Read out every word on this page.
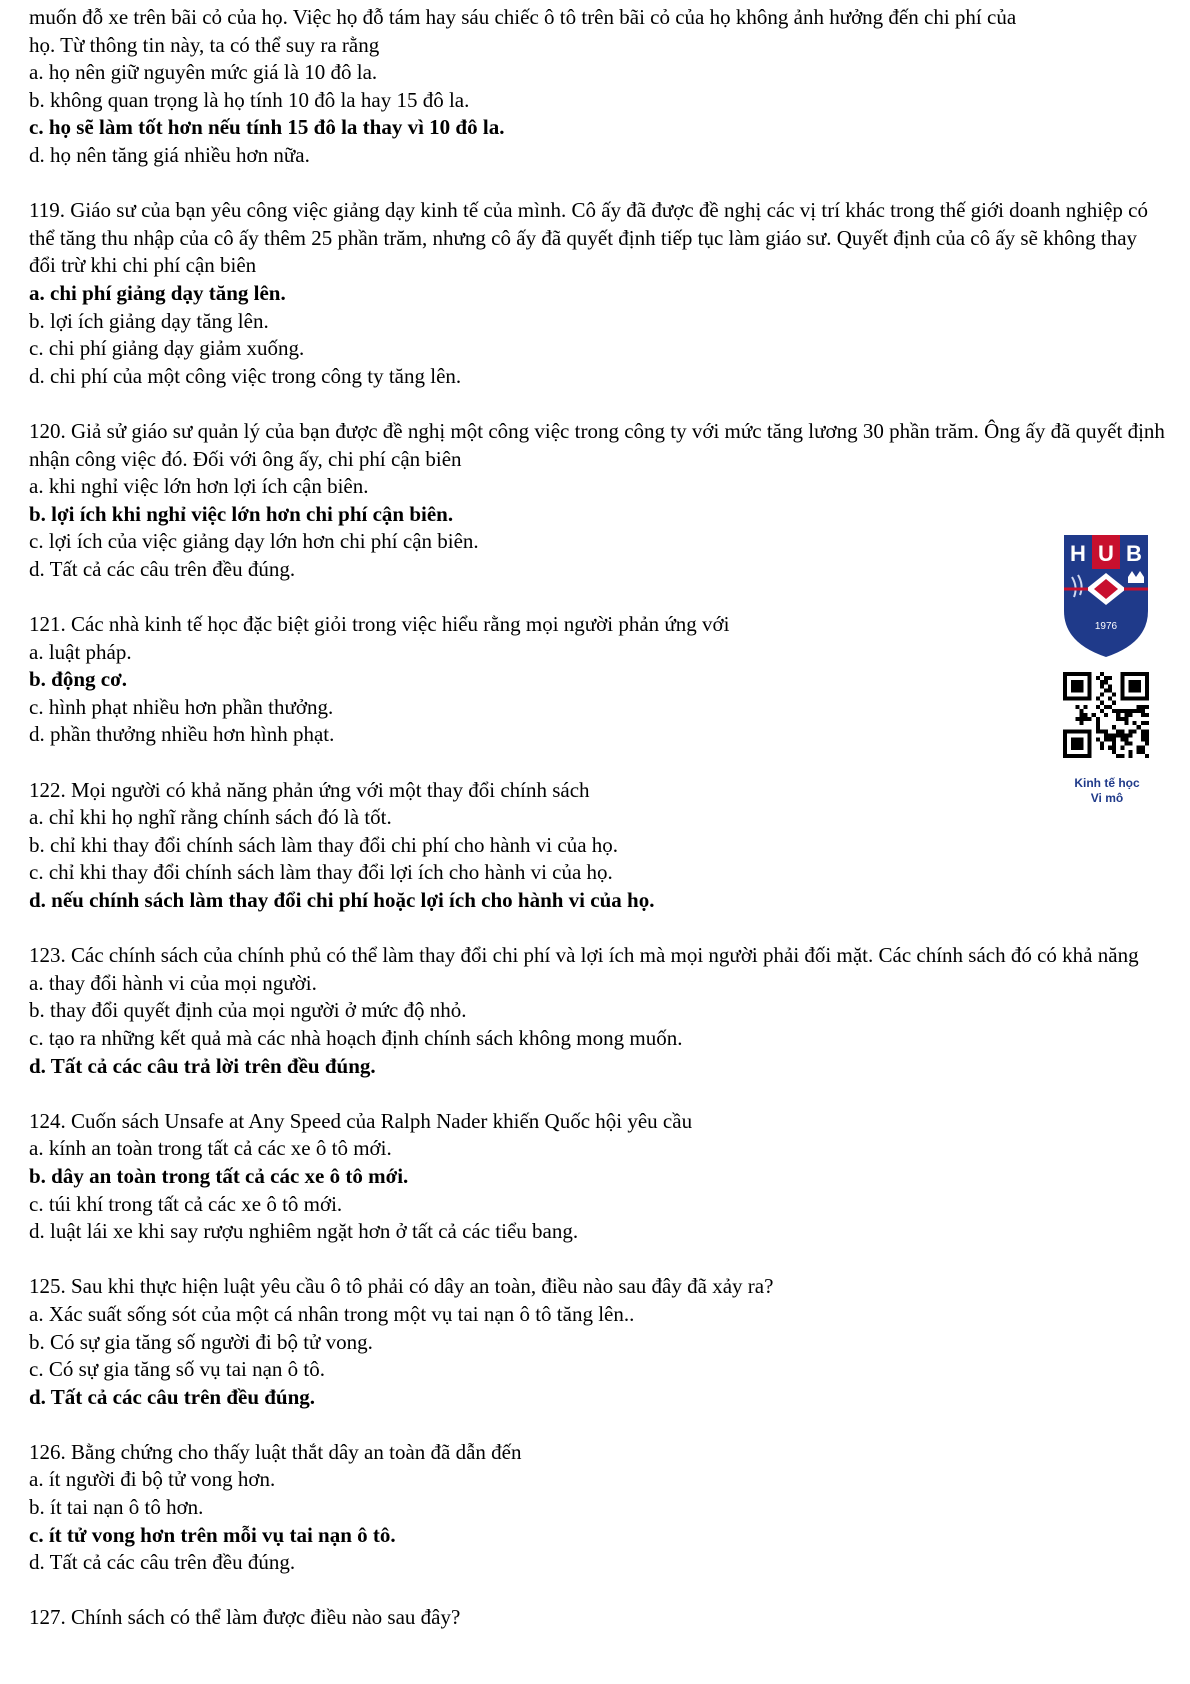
muốn đỗ xe trên bãi cỏ của họ. Việc họ đỗ tám hay sáu chiếc ô tô trên bãi cỏ của họ không ảnh hưởng đến chi phí của
họ. Từ thông tin này, ta có thể suy ra rằng
a. họ nên giữ nguyên mức giá là 10 đô la.
b. không quan trọng là họ tính 10 đô la hay 15 đô la.
c. họ sẽ làm tốt hơn nếu tính 15 đô la thay vì 10 đô la.
d. họ nên tăng giá nhiều hơn nữa.
119. Giáo sư của bạn yêu công việc giảng dạy kinh tế của mình. Cô ấy đã được đề nghị các vị trí khác trong thế giới doanh nghiệp có thể tăng thu nhập của cô ấy thêm 25 phần trăm, nhưng cô ấy đã quyết định tiếp tục làm giáo sư. Quyết định của cô ấy sẽ không thay đổi trừ khi chi phí cận biên
a. chi phí giảng dạy tăng lên.
b. lợi ích giảng dạy tăng lên.
c. chi phí giảng dạy giảm xuống.
d. chi phí của một công việc trong công ty tăng lên.
120. Giả sử giáo sư quản lý của bạn được đề nghị một công việc trong công ty với mức tăng lương 30 phần trăm. Ông ấy đã quyết định nhận công việc đó. Đối với ông ấy, chi phí cận biên
a. khi nghỉ việc lớn hơn lợi ích cận biên.
b. lợi ích khi nghỉ việc lớn hơn chi phí cận biên.
c. lợi ích của việc giảng dạy lớn hơn chi phí cận biên.
d. Tất cả các câu trên đều đúng.
121. Các nhà kinh tế học đặc biệt giỏi trong việc hiểu rằng mọi người phản ứng với
a. luật pháp.
b. động cơ.
c. hình phạt nhiều hơn phần thưởng.
d. phần thưởng nhiều hơn hình phạt.
122. Mọi người có khả năng phản ứng với một thay đổi chính sách
a. chỉ khi họ nghĩ rằng chính sách đó là tốt.
b. chỉ khi thay đổi chính sách làm thay đổi chi phí cho hành vi của họ.
c. chỉ khi thay đổi chính sách làm thay đổi lợi ích cho hành vi của họ.
d. nếu chính sách làm thay đổi chi phí hoặc lợi ích cho hành vi của họ.
123. Các chính sách của chính phủ có thể làm thay đổi chi phí và lợi ích mà mọi người phải đối mặt. Các chính sách đó có khả năng
a. thay đổi hành vi của mọi người.
b. thay đổi quyết định của mọi người ở mức độ nhỏ.
c. tạo ra những kết quả mà các nhà hoạch định chính sách không mong muốn.
d. Tất cả các câu trả lời trên đều đúng.
124. Cuốn sách Unsafe at Any Speed của Ralph Nader khiến Quốc hội yêu cầu
a. kính an toàn trong tất cả các xe ô tô mới.
b. dây an toàn trong tất cả các xe ô tô mới.
c. túi khí trong tất cả các xe ô tô mới.
d. luật lái xe khi say rượu nghiêm ngặt hơn ở tất cả các tiểu bang.
125. Sau khi thực hiện luật yêu cầu ô tô phải có dây an toàn, điều nào sau đây đã xảy ra?
a. Xác suất sống sót của một cá nhân trong một vụ tai nạn ô tô tăng lên..
b. Có sự gia tăng số người đi bộ tử vong.
c. Có sự gia tăng số vụ tai nạn ô tô.
d. Tất cả các câu trên đều đúng.
126. Bằng chứng cho thấy luật thắt dây an toàn đã dẫn đến
a. ít người đi bộ tử vong hơn.
b. ít tai nạn ô tô hơn.
c. ít tử vong hơn trên mỗi vụ tai nạn ô tô.
d. Tất cả các câu trên đều đúng.
127. Chính sách có thể làm được điều nào sau đây?
H U B
1976
Kinh tế học
Vi mô
